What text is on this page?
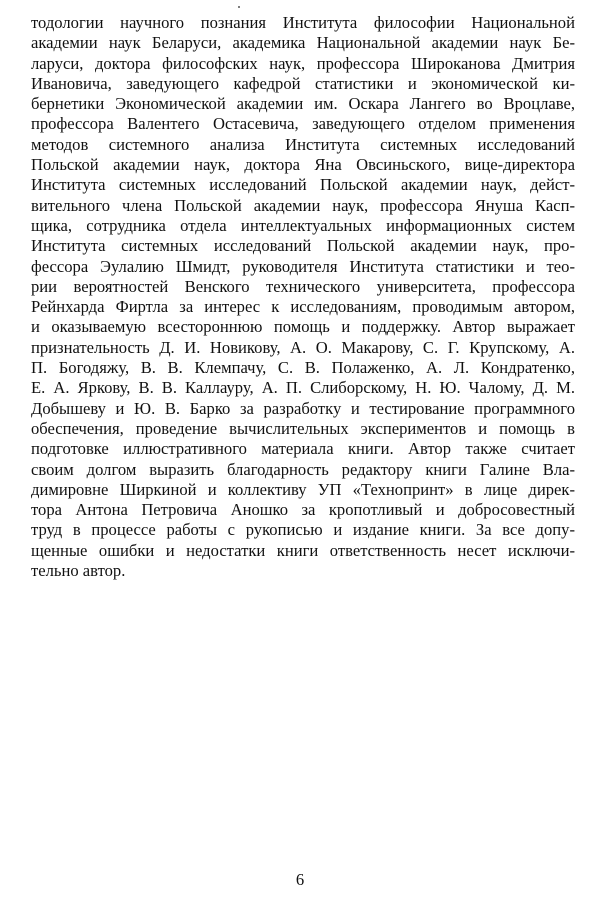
тодологии научного познания Института философии Национальной
академии наук Беларуси, академика Национальной академии наук Бе-
ларуси, доктора философских наук, профессора Широканова Дмитрия
Ивановича, заведующего кафедрой статистики и экономической ки-
бернетики Экономической академии им. Оскара Лангего во Вроцлаве,
профессора Валентего Остасевича, заведующего отделом применения
методов системного анализа Института системных исследований
Польской академии наук, доктора Яна Овсиньского, вице-директора
Института системных исследований Польской академии наук, дейст-
вительного члена Польской академии наук, профессора Януша Касп-
щика, сотрудника отдела интеллектуальных информационных систем
Института системных исследований Польской академии наук, про-
фессора Эулалию Шмидт, руководителя Института статистики и тео-
рии вероятностей Венского технического университета, профессора
Рейнхарда Фиртла за интерес к исследованиям, проводимым автором,
и оказываемую всестороннюю помощь и поддержку. Автор выражает
признательность Д. И. Новикову, А. О. Макарову, С. Г. Крупскому, А.
П. Богодяжу, В. В. Клемпачу, С. В. Полаженко, А. Л. Кондратенко,
Е. А. Яркову, В. В. Каллауру, А. П. Слиборскому, Н. Ю. Чалому, Д. М.
Добышеву и Ю. В. Барко за разработку и тестирование программного
обеспечения, проведение вычислительных экспериментов и помощь в
подготовке иллюстративного материала книги. Автор также считает
своим долгом выразить благодарность редактору книги Галине Вла-
димировне Ширкиной и коллективу УП «Технопринт» в лице дирек-
тора Антона Петровича Аношко за кропотливый и добросовестный
труд в процессе работы с рукописью и издание книги. За все допу-
щенные ошибки и недостатки книги ответственность несет исключи-
тельно автор.

6
